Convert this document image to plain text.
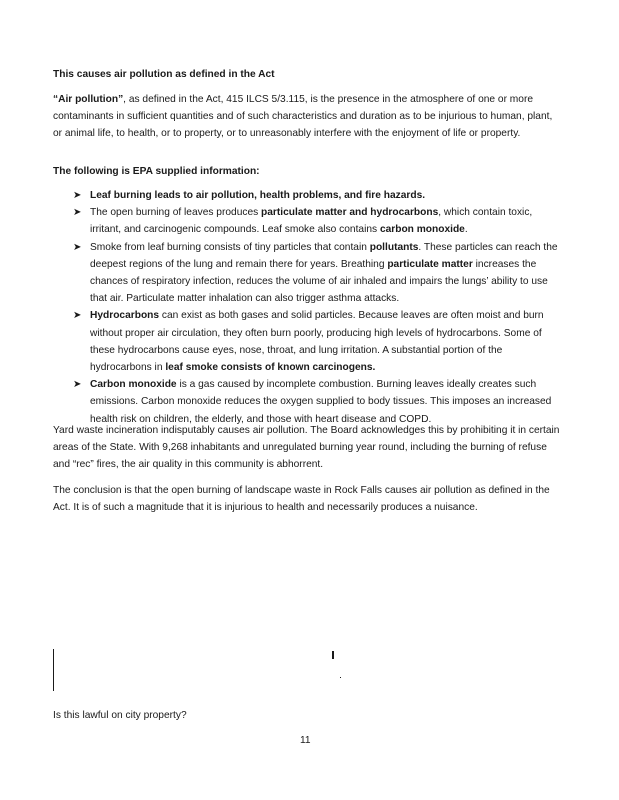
This causes air pollution as defined in the Act
“Air pollution”, as defined in the Act, 415 ILCS 5/3.115, is the presence in the atmosphere of one or more contaminants in sufficient quantities and of such characteristics and duration as to be injurious to human, plant, or animal life, to health, or to property, or to unreasonably interfere with the enjoyment of life or property.
The following is EPA supplied information:
➤ Leaf burning leads to air pollution, health problems, and fire hazards.
➤ The open burning of leaves produces particulate matter and hydrocarbons, which contain toxic, irritant, and carcinogenic compounds. Leaf smoke also contains carbon monoxide.
➤ Smoke from leaf burning consists of tiny particles that contain pollutants. These particles can reach the deepest regions of the lung and remain there for years. Breathing particulate matter increases the chances of respiratory infection, reduces the volume of air inhaled and impairs the lungs’ ability to use that air. Particulate matter inhalation can also trigger asthma attacks.
➤ Hydrocarbons can exist as both gases and solid particles. Because leaves are often moist and burn without proper air circulation, they often burn poorly, producing high levels of hydrocarbons. Some of these hydrocarbons cause eyes, nose, throat, and lung irritation. A substantial portion of the hydrocarbons in leaf smoke consists of known carcinogens.
➤ Carbon monoxide is a gas caused by incomplete combustion. Burning leaves ideally creates such emissions. Carbon monoxide reduces the oxygen supplied to body tissues. This imposes an increased health risk on children, the elderly, and those with heart disease and COPD.
Yard waste incineration indisputably causes air pollution. The Board acknowledges this by prohibiting it in certain areas of the State. With 9,268 inhabitants and unregulated burning year round, including the burning of refuse and “rec” fires, the air quality in this community is abhorrent.
The conclusion is that the open burning of landscape waste in Rock Falls causes air pollution as defined in the Act. It is of such a magnitude that it is injurious to health and necessarily produces a nuisance.
Is this lawful on city property?
11
